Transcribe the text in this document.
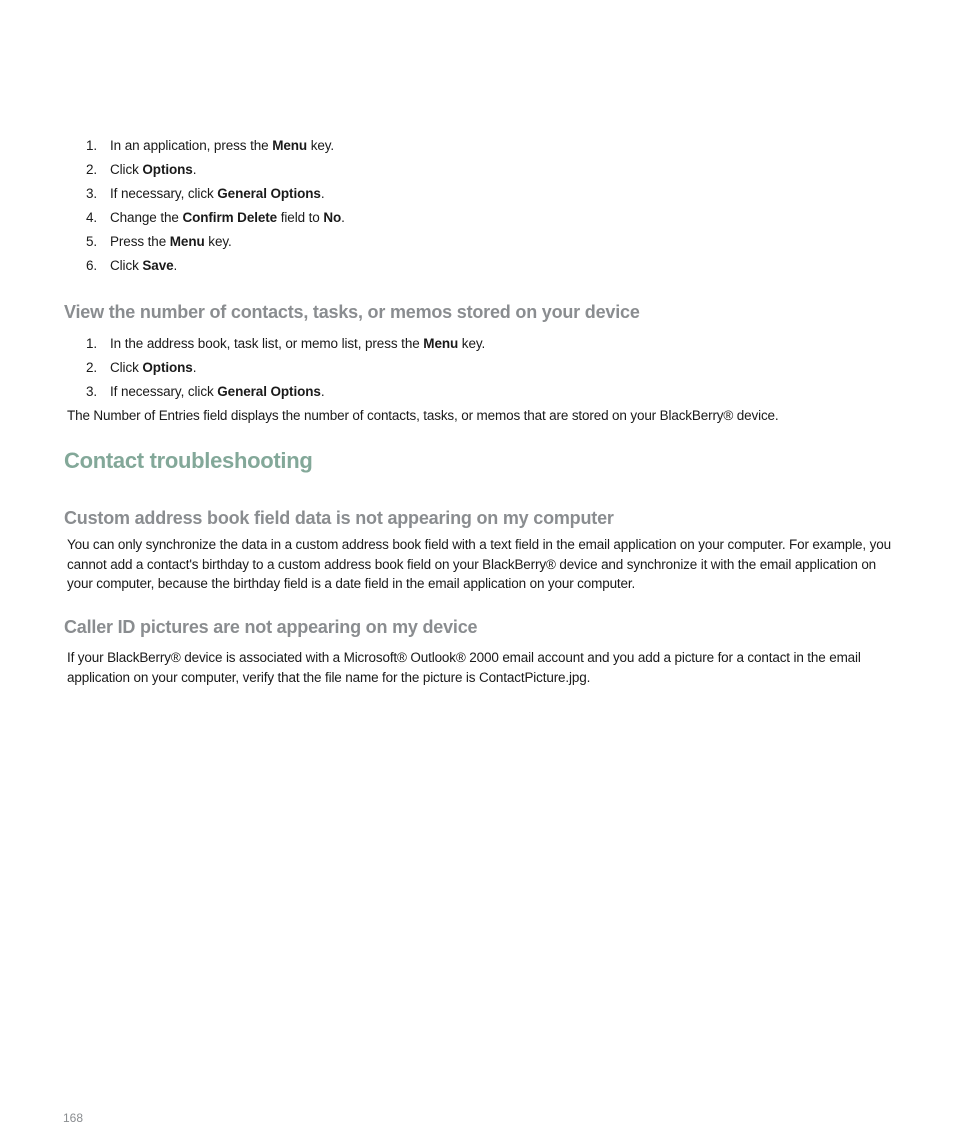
1. In an application, press the Menu key.
2. Click Options.
3. If necessary, click General Options.
4. Change the Confirm Delete field to No.
5. Press the Menu key.
6. Click Save.
View the number of contacts, tasks, or memos stored on your device
1. In the address book, task list, or memo list, press the Menu key.
2. Click Options.
3. If necessary, click General Options.

The Number of Entries field displays the number of contacts, tasks, or memos that are stored on your BlackBerry® device.

Contact troubleshooting
Custom address book field data is not appearing on my computer

You can only synchronize the data in a custom address book field with a text field in the email application on your computer. For example, you cannot add a contact's birthday to a custom address book field on your BlackBerry® device and synchronize it with the email application on your computer, because the birthday field is a date field in the email application on your computer.

Caller ID pictures are not appearing on my device

If your BlackBerry® device is associated with a Microsoft® Outlook® 2000 email account and you add a picture for a contact in the email application on your computer, verify that the file name for the picture is ContactPicture.jpg.

168
